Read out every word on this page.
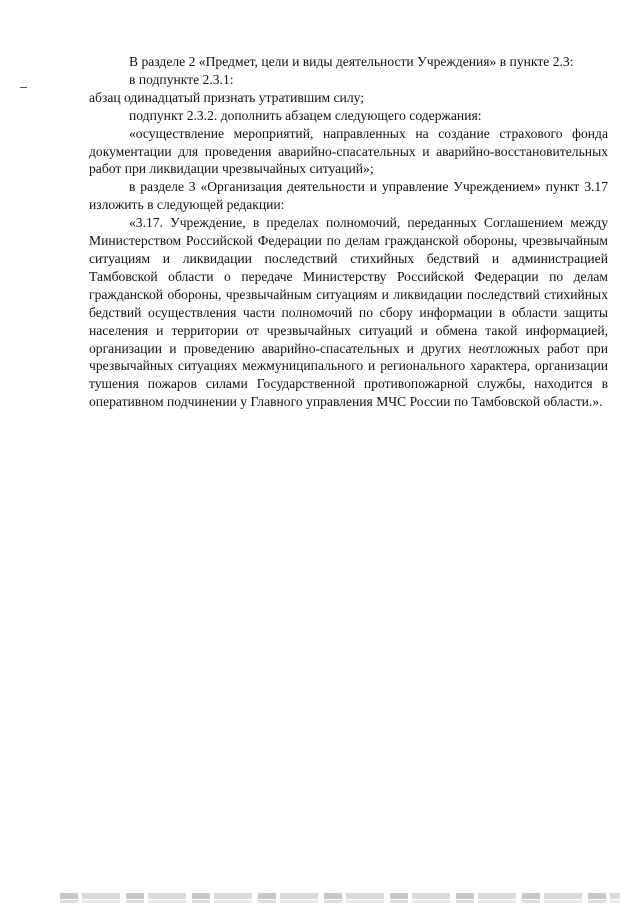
В разделе 2 «Предмет, цели и виды деятельности Учреждения» в пункте 2.3:

в подпункте 2.3.1:

абзац одинадцатый признать утратившим силу;

подпункт 2.3.2. дополнить абзацем следующего содержания:

«осуществление мероприятий, направленных на создание страхового фонда документации для проведения аварийно-спасательных и аварийно-восстановительных работ при ликвидации чрезвычайных ситуаций»;

в разделе 3 «Организация деятельности и управление Учреждением» пункт 3.17 изложить в следующей редакции:

«3.17. Учреждение, в пределах полномочий, переданных Соглашением между Министерством Российской Федерации по делам гражданской обороны, чрезвычайным ситуациям и ликвидации последствий стихийных бедствий и администрацией Тамбовской области о передаче Министерству Российской Федерации по делам гражданской обороны, чрезвычайным ситуациям и ликвидации последствий стихийных бедствий осуществления части полномочий по сбору информации в области защиты населения и территории от чрезвычайных ситуаций и обмена такой информацией, организации и проведению аварийно-спасательных и других неотложных работ при чрезвычайных ситуациях межмуниципального и регионального характера, организации тушения пожаров силами Государственной противопожарной службы, находится в оперативном подчинении у Главного управления МЧС России по Тамбовской области.».
